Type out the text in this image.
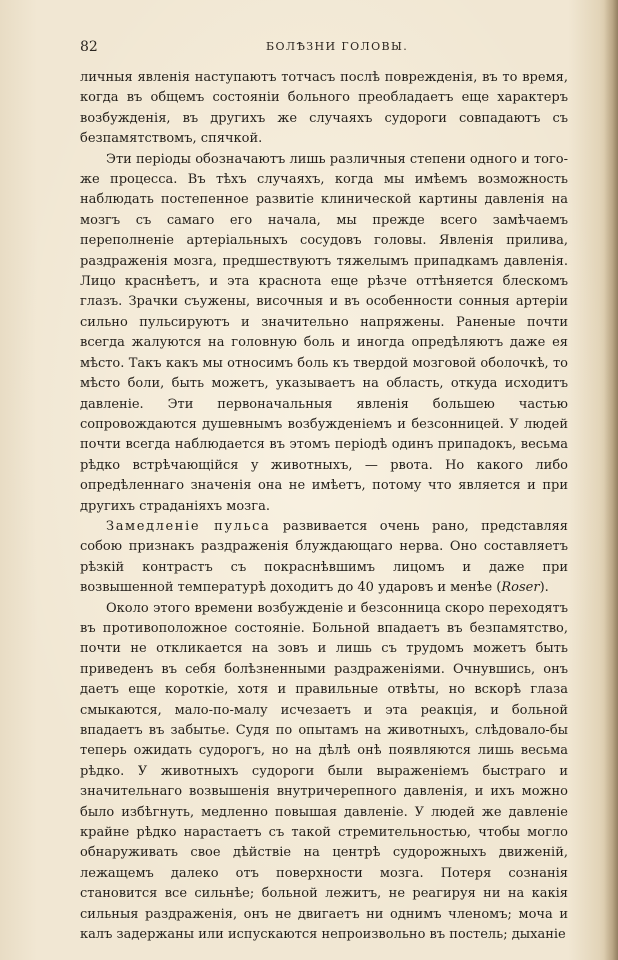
82	БОЛѢЗНИ ГОЛОВЫ.

личныя явленія наступаютъ тотчасъ послѣ поврежденія, въ то время, когда въ общемъ состояніи больного преобладаетъ еще характеръ возбужденія, въ другихъ же случаяхъ судороги совпадаютъ съ безпамятствомъ, спячкой.

Эти періоды обозначаютъ лишь различныя степени одного и того-же процесса. Въ тѣхъ случаяхъ, когда мы имѣемъ возможность наблюдать постепенное развитіе клинической картины давленія на мозгъ съ самаго его начала, мы прежде всего замѣчаемъ переполненіе артеріальныхъ сосудовъ головы. Явленія прилива, раздраженія мозга, предшествуютъ тяжелымъ припадкамъ давленія. Лицо краснѣетъ, и эта краснота еще рѣзче оттѣняется блескомъ глазъ. Зрачки съужены, височныя и въ особенности сонныя артеріи сильно пульсируютъ и значительно напряжены. Раненые почти всегда жалуются на головную боль и иногда опредѣляютъ даже ея мѣсто. Такъ какъ мы относимъ боль къ твердой мозговой оболочкѣ, то мѣсто боли, быть можетъ, указываетъ на область, откуда исходитъ давленіе. Эти первоначальныя явленія большею частью сопровождаются душевнымъ возбужденіемъ и безсонницей. У людей почти всегда наблюдается въ этомъ періодѣ одинъ припадокъ, весьма рѣдко встрѣчающійся у животныхъ, — рвота. Но какого либо опредѣленнаго значенія она не имѣетъ, потому что является и при другихъ страданіяхъ мозга.

Замедленіе пульса развивается очень рано, представляя собою признакъ раздраженія блуждающаго нерва. Оно составляетъ рѣзкій контрастъ съ покраснѣвшимъ лицомъ и даже при возвышенной температурѣ доходитъ до 40 ударовъ и менѣе (Roser).

Около этого времени возбужденіе и безсонница скоро переходятъ въ противоположное состояніе. Больной впадаетъ въ безпамятство, почти не откликается на зовъ и лишь съ трудомъ можетъ быть приведенъ въ себя болѣзненными раздраженіями. Очнувшись, онъ даетъ еще короткіе, хотя и правильные отвѣты, но вскорѣ глаза смыкаются, мало-по-малу исчезаетъ и эта реакція, и больной впадаетъ въ забытье. Судя по опытамъ на животныхъ, слѣдовало-бы теперь ожидать судорогъ, но на дѣлѣ онѣ появляются лишь весьма рѣдко. У животныхъ судороги были выраженіемъ быстраго и значительнаго возвышенія внутричерепного давленія, и ихъ можно было избѣгнуть, медленно повышая давленіе. У людей же давленіе крайне рѣдко нарастаетъ съ такой стремительностью, чтобы могло обнаруживать свое дѣйствіе на центрѣ судорожныхъ движеній, лежащемъ далеко отъ поверхности мозга. Потеря сознанія становится все сильнѣе; больной лежитъ, не реагируя ни на какія сильныя раздраженія, онъ не двигаетъ ни однимъ членомъ; моча и калъ задержаны или испускаются непроизвольно въ постель; дыханіе
